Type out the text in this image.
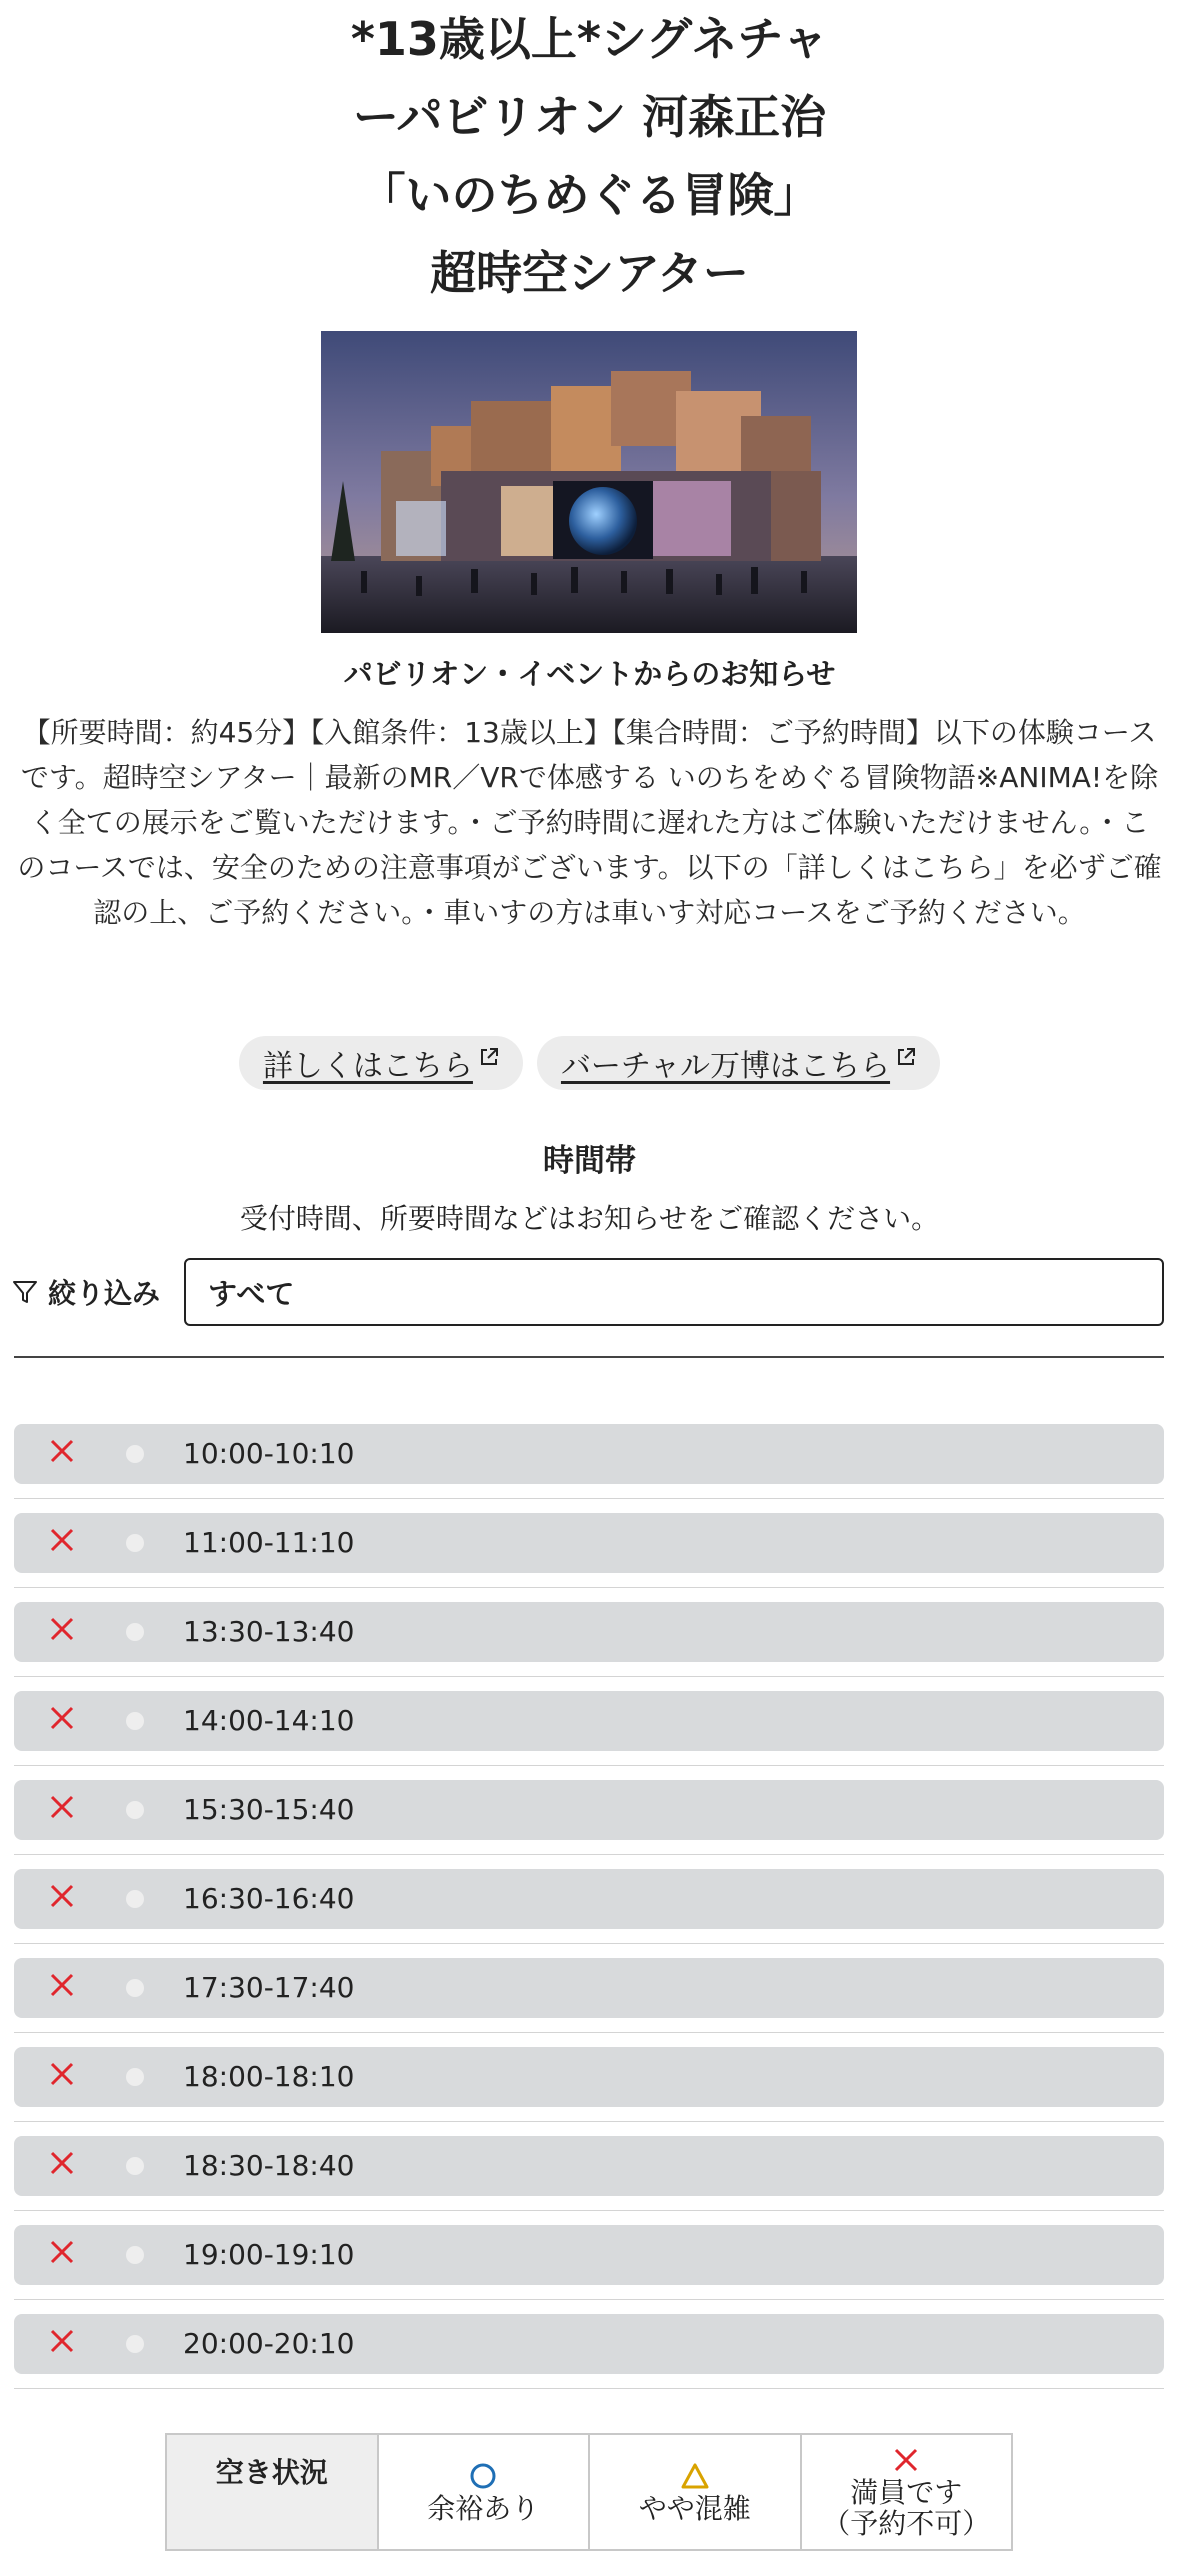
*13歳以上*シグネチャ
ーパビリオン 河森正治
「いのちめぐる冒険」
超時空シアター
パビリオン・イベントからのお知らせ
【所要時間：約45分】【入館条件：13歳以上】【集合時間：ご予約時間】以下の体験コースです。超時空シアター｜最新のMR／VRで体感する いのちをめぐる冒険物語※ANIMA!を除く全ての展示をご覧いただけます。・ご予約時間に遅れた方はご体験いただけません。・このコースでは、安全のための注意事項がございます。以下の「詳しくはこちら」を必ずご確認の上、ご予約ください。・車いすの方は車いす対応コースをご予約ください。
詳しくはこちら	バーチャル万博はこちら
時間帯
受付時間、所要時間などはお知らせをご確認ください。
絞り込み	すべて
10:00-10:10
11:00-11:10
13:30-13:40
14:00-14:10
15:30-15:40
16:30-16:40
17:30-17:40
18:00-18:10
18:30-18:40
19:00-19:10
20:00-20:10
空き状況
余裕あり	やや混雑	満員です
（予約不可）
